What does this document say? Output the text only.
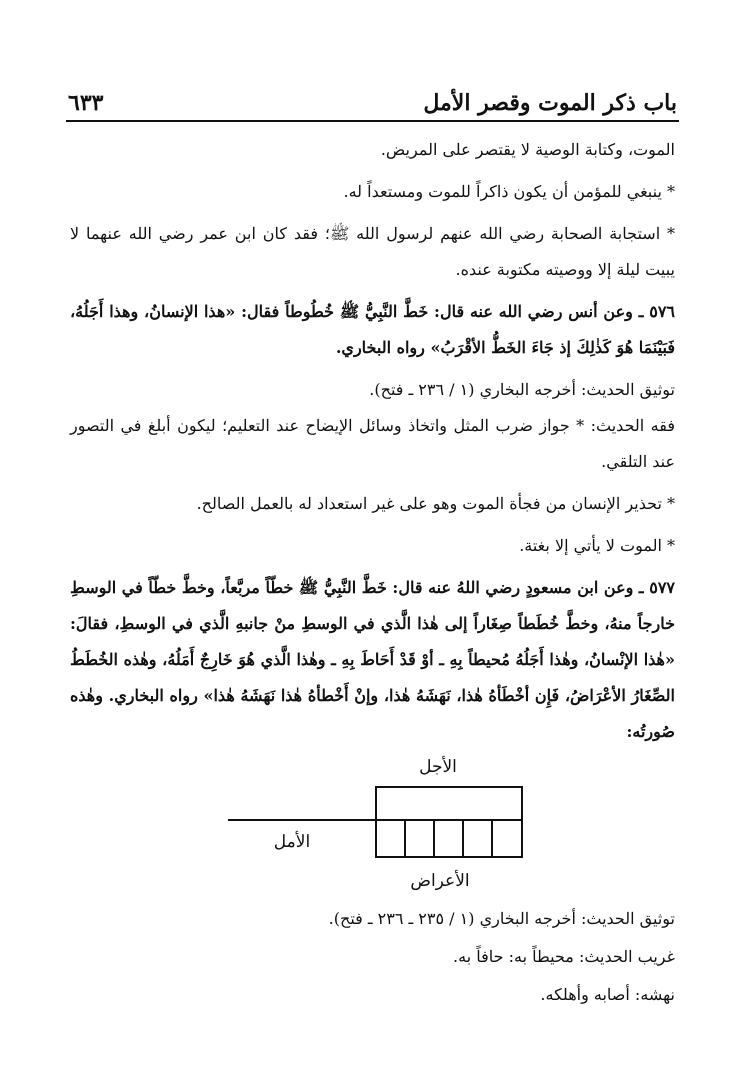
باب ذكر الموت وقصر الأمل
٦٣٣

الموت، وكتابة الوصية لا يقتصر على المريض.

* ينبغي للمؤمن أن يكون ذاكراً للموت ومستعداً له.

* استجابة الصحابة رضي الله عنهم لرسول الله ﷺ؛ فقد كان ابن عمر رضي الله عنهما لا يبيت ليلة إلا ووصيته مكتوبة عنده.

٥٧٦ ـ وعن أنس رضي الله عنه قال: خَطَّ النَّبِيُّ ﷺ خُطُوطاً فقال: «هذا الإنسانُ، وهذا أَجَلُهُ، فَبَيْنَمَا هُوَ كَذٰلِكَ إذ جَاءَ الخَطُّ الأقْرَبُ» رواه البخاري.

توثيق الحديث: أخرجه البخاري (١ / ٢٣٦ ـ فتح).

فقه الحديث: * جواز ضرب المثل واتخاذ وسائل الإيضاح عند التعليم؛ ليكون أبلغ في التصور عند التلقي.

* تحذير الإنسان من فجأة الموت وهو على غير استعداد له بالعمل الصالح.

* الموت لا يأتي إلا بغتة.

٥٧٧ ـ وعن ابن مسعودٍ رضي اللهُ عنه قال: خَطَّ النَّبِيُّ ﷺ خطّاً مربَّعاً، وخطَّ خطّاً في الوسطِ خارجاً منهُ، وخطَّ خُطَطاً صِغَاراً إلى هٰذا الَّذي في الوسطِ منْ جانبهِ الَّذي في الوسطِ، فقالَ: «هٰذا الإنْسانُ، وهٰذا أَجَلُهُ مُحيطاً بِهِ ـ أوْ قَدْ أَحَاطَ بِهِ ـ وهٰذا الَّذي هُوَ خَارِجٌ أَمَلُهُ، وهٰذه الخُطَطُ الصِّغَارُ الأعْرَاضُ، فَإِن أخْطَأهُ هٰذا، نَهَشَهُ هٰذا، وإنْ أَخْطأهُ هٰذا نَهَشَهُ هٰذا» رواه البخاري. وهٰذه صُورتُه:

الأجل
الأمل
الأعراض

توثيق الحديث: أخرجه البخاري (١ / ٢٣٥ ـ ٢٣٦ ـ فتح).

غريب الحديث: محيطاً به: حافاً به.

نهشه: أصابه وأهلكه.
